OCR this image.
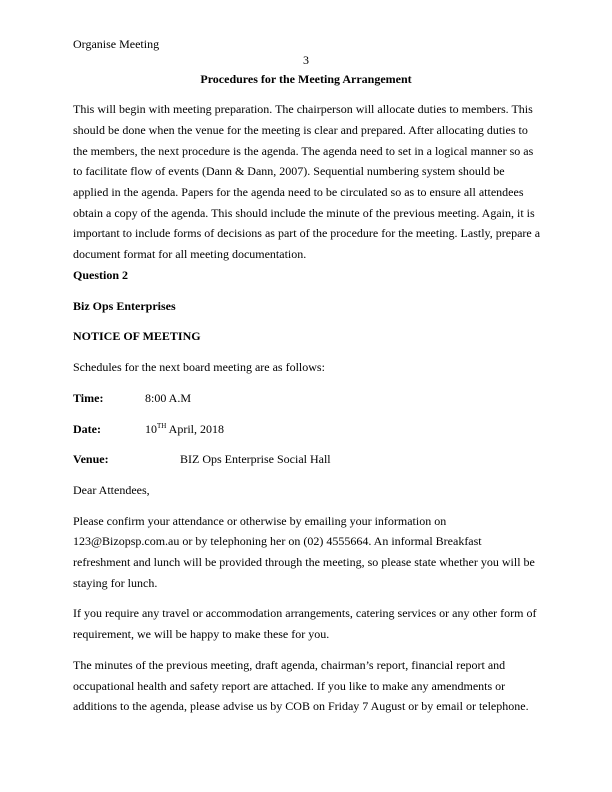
Organise Meeting
3
Procedures for the Meeting Arrangement
This will begin with meeting preparation. The chairperson will allocate duties to members. This
should be done when the venue for the meeting is clear and prepared. After allocating duties to
the members, the next procedure is the agenda. The agenda need to set in a logical manner so as
to facilitate flow of events (Dann & Dann, 2007). Sequential numbering system should be
applied in the agenda. Papers for the agenda need to be circulated so as to ensure all attendees
obtain a copy of the agenda. This should include the minute of the previous meeting. Again, it is
important to include forms of decisions as part of the procedure for the meeting. Lastly, prepare a
document format for all meeting documentation.
Question 2
Biz Ops Enterprises
NOTICE OF MEETING
Schedules for the next board meeting are as follows:
Time:	8:00 A.M
Date:	10TH April, 2018
Venue:	BIZ Ops Enterprise Social Hall
Dear Attendees,
Please confirm your attendance or otherwise by emailing your information on
123@Bizopsp.com.au or by telephoning her on (02) 4555664. An informal Breakfast
refreshment and lunch will be provided through the meeting, so please state whether you will be
staying for lunch.
If you require any travel or accommodation arrangements, catering services or any other form of
requirement, we will be happy to make these for you.
The minutes of the previous meeting, draft agenda, chairman’s report, financial report and
occupational health and safety report are attached. If you like to make any amendments or
additions to the agenda, please advise us by COB on Friday 7 August or by email or telephone.
